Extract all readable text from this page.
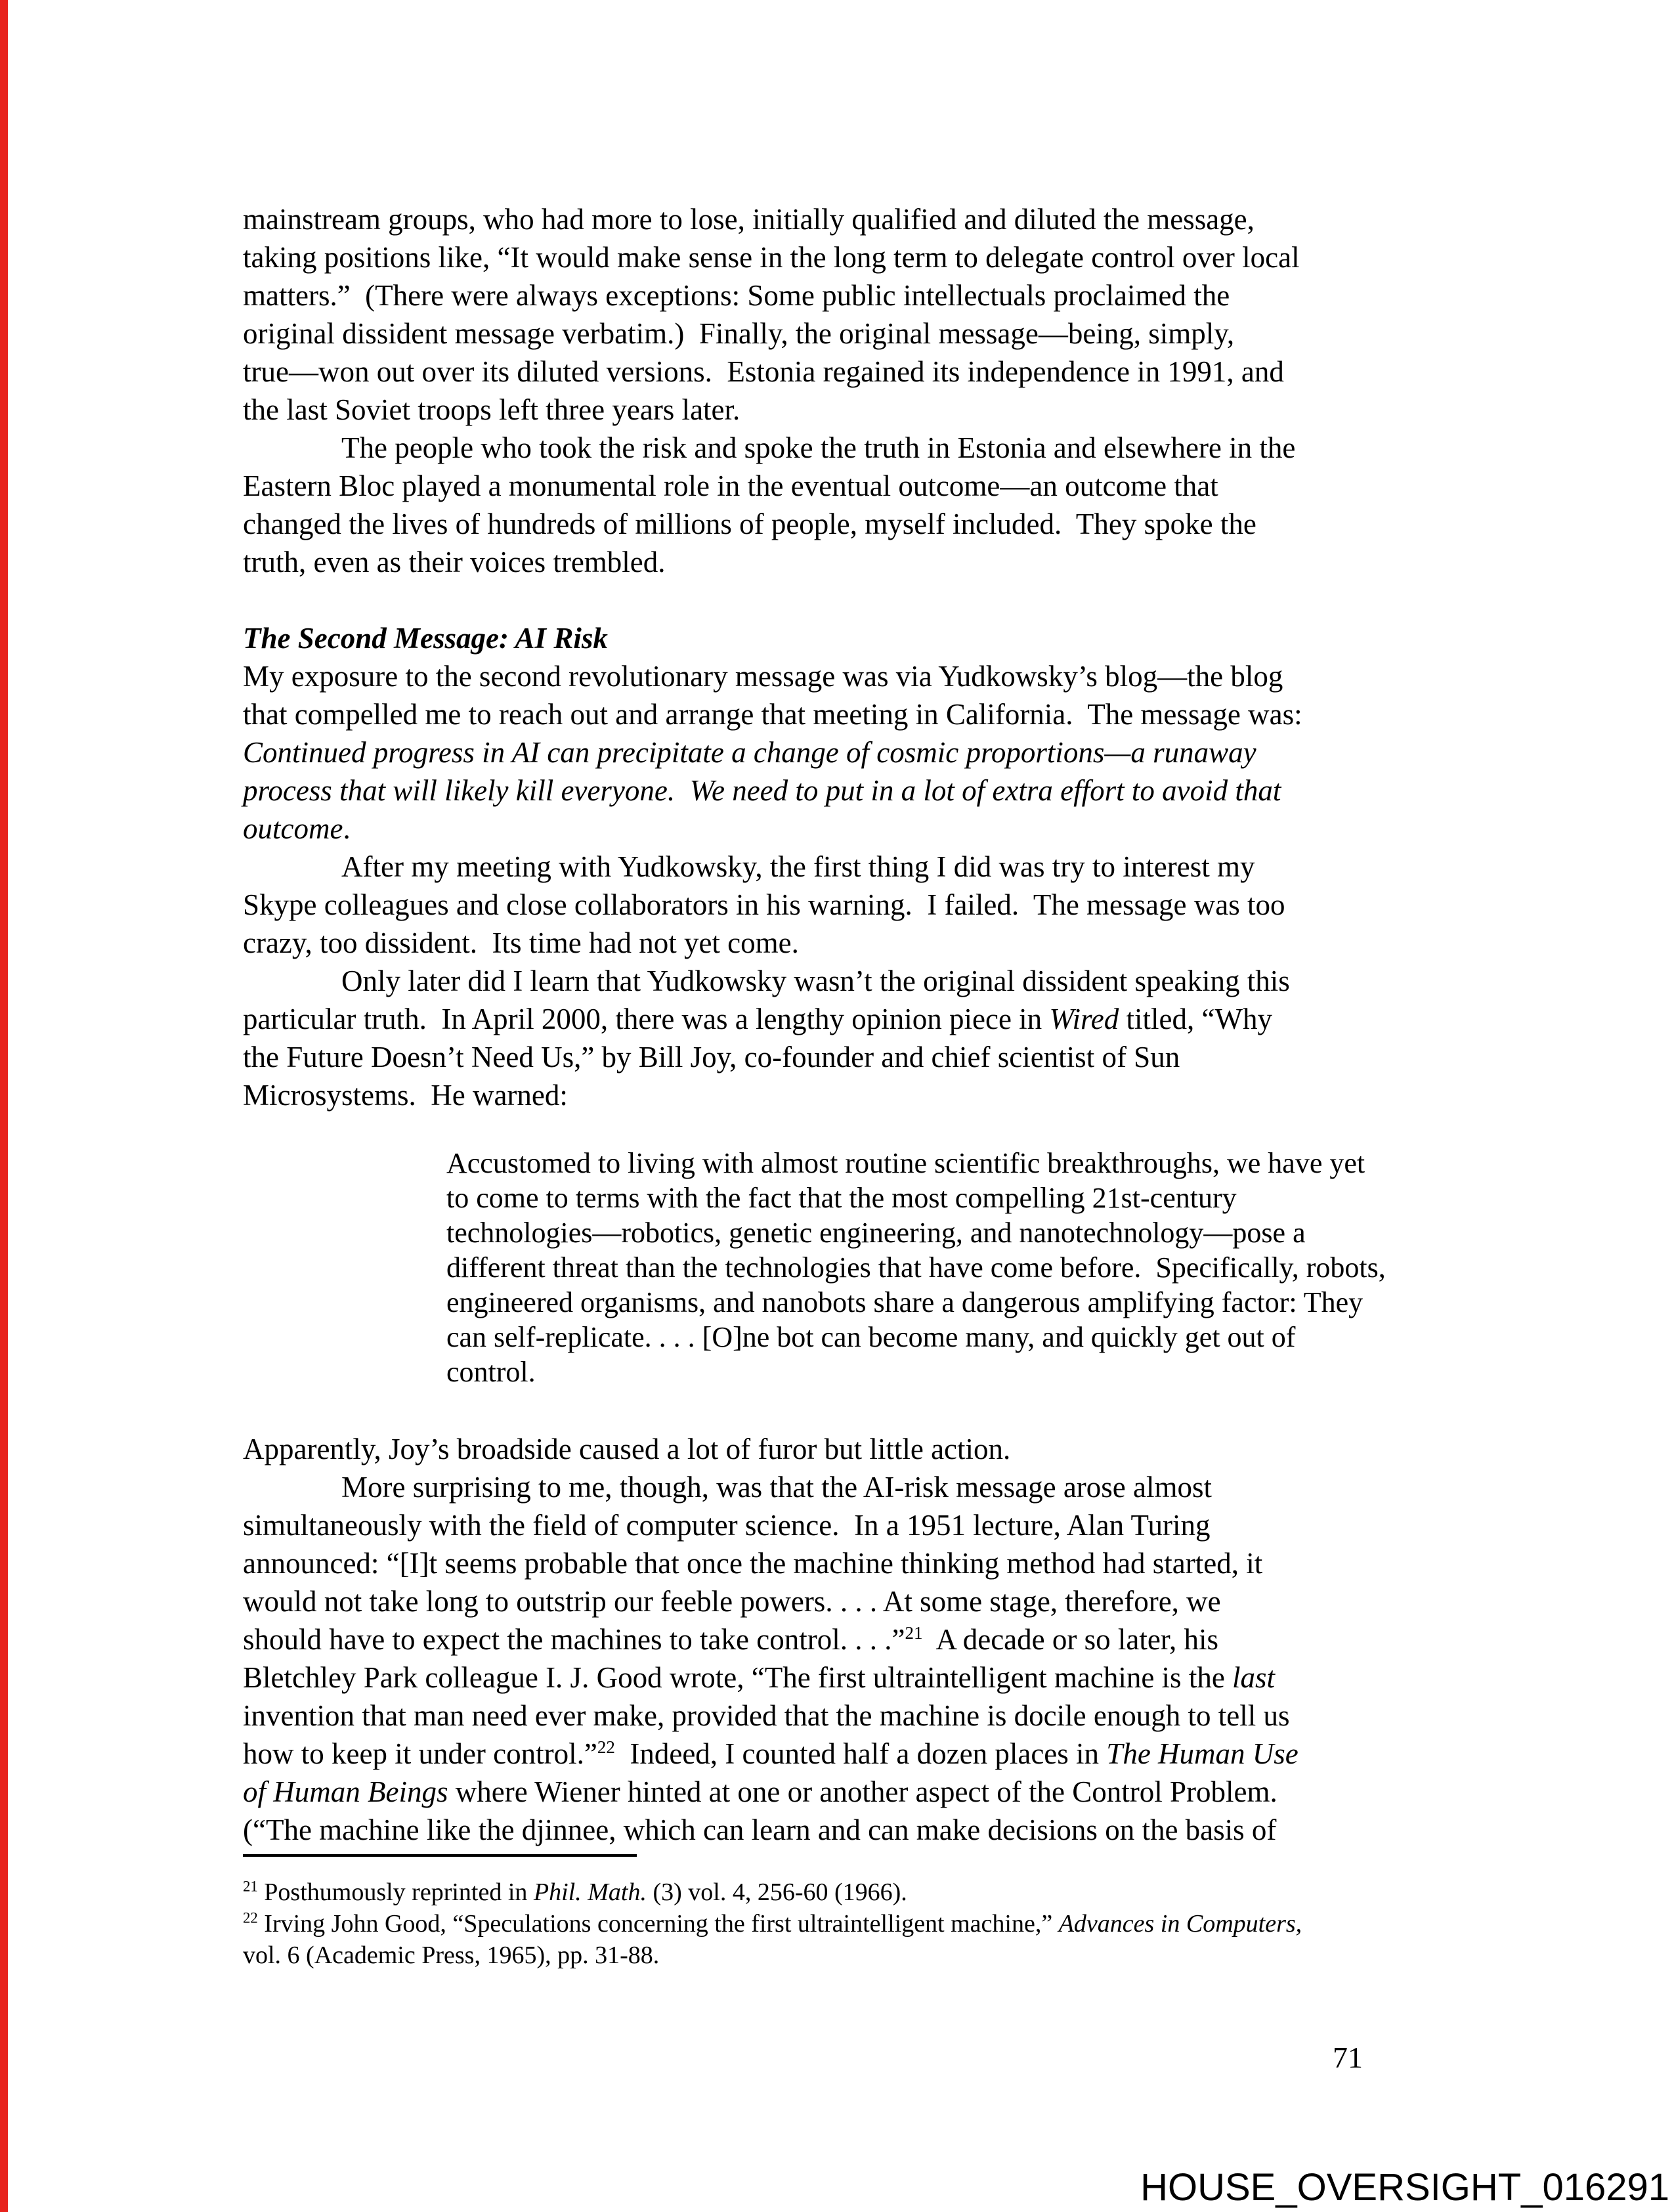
mainstream groups, who had more to lose, initially qualified and diluted the message,
taking positions like, “It would make sense in the long term to delegate control over local
matters.”  (There were always exceptions: Some public intellectuals proclaimed the
original dissident message verbatim.)  Finally, the original message—being, simply,
true—won out over its diluted versions.  Estonia regained its independence in 1991, and
the last Soviet troops left three years later.
The people who took the risk and spoke the truth in Estonia and elsewhere in the
Eastern Bloc played a monumental role in the eventual outcome—an outcome that
changed the lives of hundreds of millions of people, myself included.  They spoke the
truth, even as their voices trembled.
The Second Message: AI Risk
My exposure to the second revolutionary message was via Yudkowsky’s blog—the blog
that compelled me to reach out and arrange that meeting in California.  The message was:
Continued progress in AI can precipitate a change of cosmic proportions—a runaway
process that will likely kill everyone.  We need to put in a lot of extra effort to avoid that
outcome.
After my meeting with Yudkowsky, the first thing I did was try to interest my
Skype colleagues and close collaborators in his warning.  I failed.  The message was too
crazy, too dissident.  Its time had not yet come.
Only later did I learn that Yudkowsky wasn’t the original dissident speaking this
particular truth.  In April 2000, there was a lengthy opinion piece in Wired titled, “Why
the Future Doesn’t Need Us,” by Bill Joy, co-founder and chief scientist of Sun
Microsystems.  He warned:
Accustomed to living with almost routine scientific breakthroughs, we have yet
to come to terms with the fact that the most compelling 21st-century
technologies—robotics, genetic engineering, and nanotechnology—pose a
different threat than the technologies that have come before.  Specifically, robots,
engineered organisms, and nanobots share a dangerous amplifying factor: They
can self-replicate. . . . [O]ne bot can become many, and quickly get out of
control.
Apparently, Joy’s broadside caused a lot of furor but little action.
More surprising to me, though, was that the AI-risk message arose almost
simultaneously with the field of computer science.  In a 1951 lecture, Alan Turing
announced: “[I]t seems probable that once the machine thinking method had started, it
would not take long to outstrip our feeble powers. . . . At some stage, therefore, we
should have to expect the machines to take control. . . .”$^{21}$  A decade or so later, his
Bletchley Park colleague I. J. Good wrote, “The first ultraintelligent machine is the last
invention that man need ever make, provided that the machine is docile enough to tell us
how to keep it under control.”$^{22}$  Indeed, I counted half a dozen places in The Human Use
of Human Beings where Wiener hinted at one or another aspect of the Control Problem.
(“The machine like the djinnee, which can learn and can make decisions on the basis of
$^{21}$ Posthumously reprinted in Phil. Math. (3) vol. 4, 256-60 (1966).
$^{22}$ Irving John Good, “Speculations concerning the first ultraintelligent machine,” Advances in Computers,
vol. 6 (Academic Press, 1965), pp. 31-88.
71
HOUSE_OVERSIGHT_016291
